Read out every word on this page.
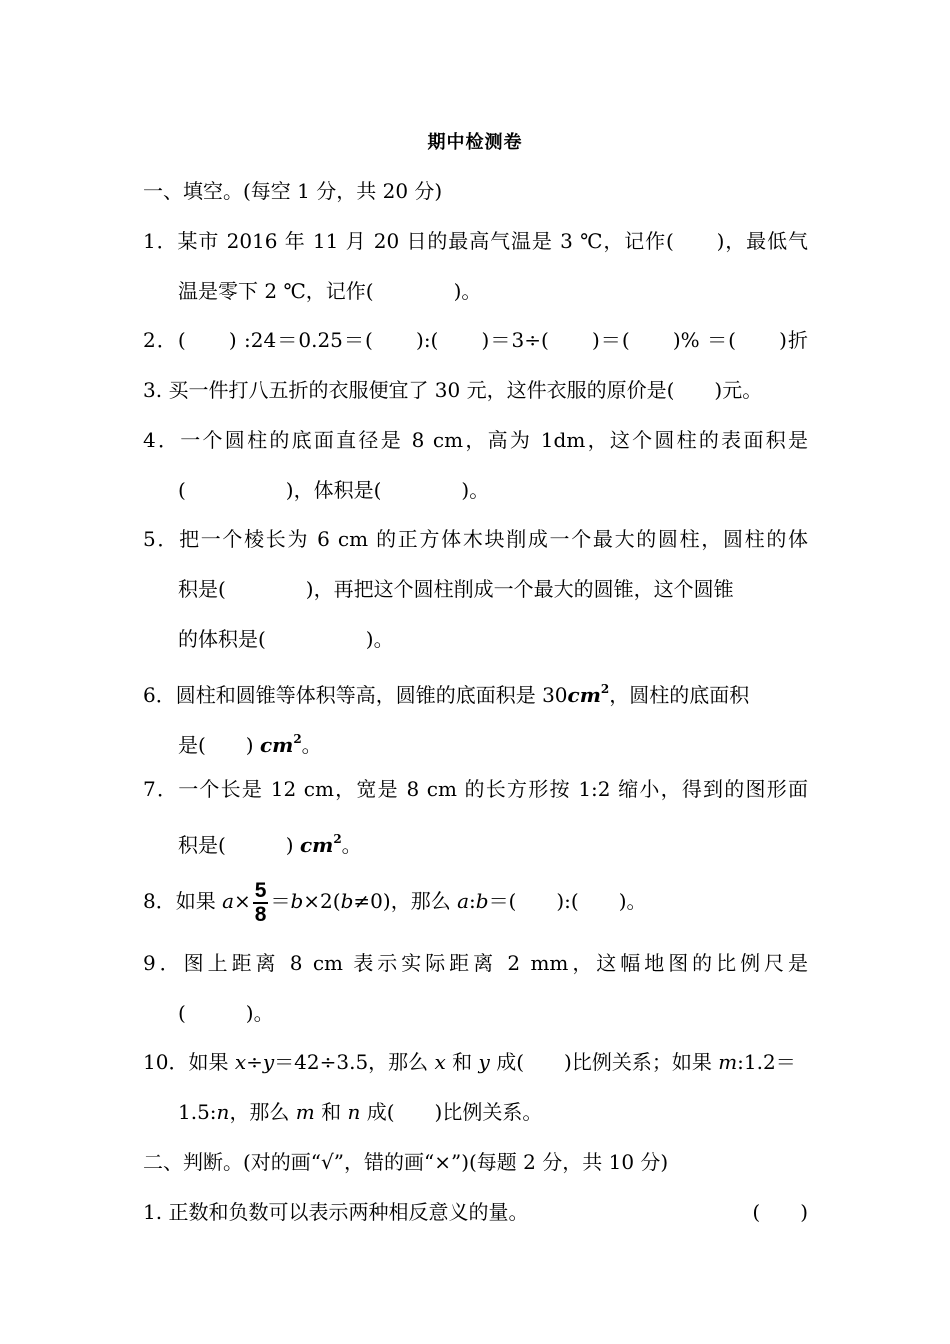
期中检测卷
一、填空。(每空 1 分，共 20 分)
1．某市 2016 年 11 月 20 日的最高气温是 3 ℃，记作(　　)，最低气
温是零下 2 ℃，记作(　　　　)。
2．(　　) :24＝0.25＝(　　):(　　)＝3÷(　　)＝(　　)% ＝(　　)折
3. 买一件打八五折的衣服便宜了 30 元，这件衣服的原价是(　　)元。
4．一个圆柱的底面直径是 8 cm，高为 1dm，这个圆柱的表面积是
(　　　　　)，体积是(　　　　)。
5．把一个棱长为 6 cm 的正方体木块削成一个最大的圆柱，圆柱的体
积是(　　　　)，再把这个圆柱削成一个最大的圆锥，这个圆锥
的体积是(　　　　　)。
6．圆柱和圆锥等体积等高，圆锥的底面积是 $30cm^2$，圆柱的底面积
是(　　) $cm^2$。
7．一个长是 12 cm，宽是 8 cm 的长方形按 1:2 缩小，得到的图形面
积是(　　　) $cm^2$。
8．如果 $a\times \frac{5}{8} =b\times 2(b\ne 0)$，那么 a:b＝(　　):(　　)。
9．图上距离 8 cm 表示实际距离 2 mm，这幅地图的比例尺是
(　　　)。
10．如果 x÷y＝42÷3.5，那么 x 和 y 成(　　)比例关系；如果 m:1.2＝
1.5:n，那么 m 和 n 成(　　)比例关系。
二、判断。(对的画“√”，错的画“×”)(每题 2 分，共 10 分)
1. 正数和负数可以表示两种相反意义的量。	(　　)
